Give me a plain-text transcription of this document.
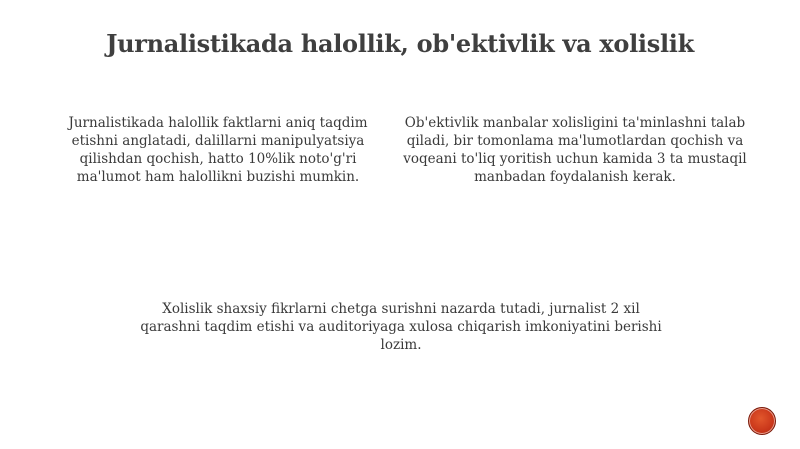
Jurnalistikada halollik, ob'ektivlik va xolislik
Jurnalistikada halollik faktlarni aniq taqdim etishni anglatadi, dalillarni manipulyatsiya qilishdan qochish, hatto 10%lik noto'g'ri ma'lumot ham halollikni buzishi mumkin.
Ob'ektivlik manbalar xolisligini ta'minlashni talab qiladi, bir tomonlama ma'lumotlardan qochish va voqeani to'liq yoritish uchun kamida 3 ta mustaqil manbadan foydalanish kerak.
Xolislik shaxsiy fikrlarni chetga surishni nazarda tutadi, jurnalist 2 xil qarashni taqdim etishi va auditoriyaga xulosa chiqarish imkoniyatini berishi lozim.
